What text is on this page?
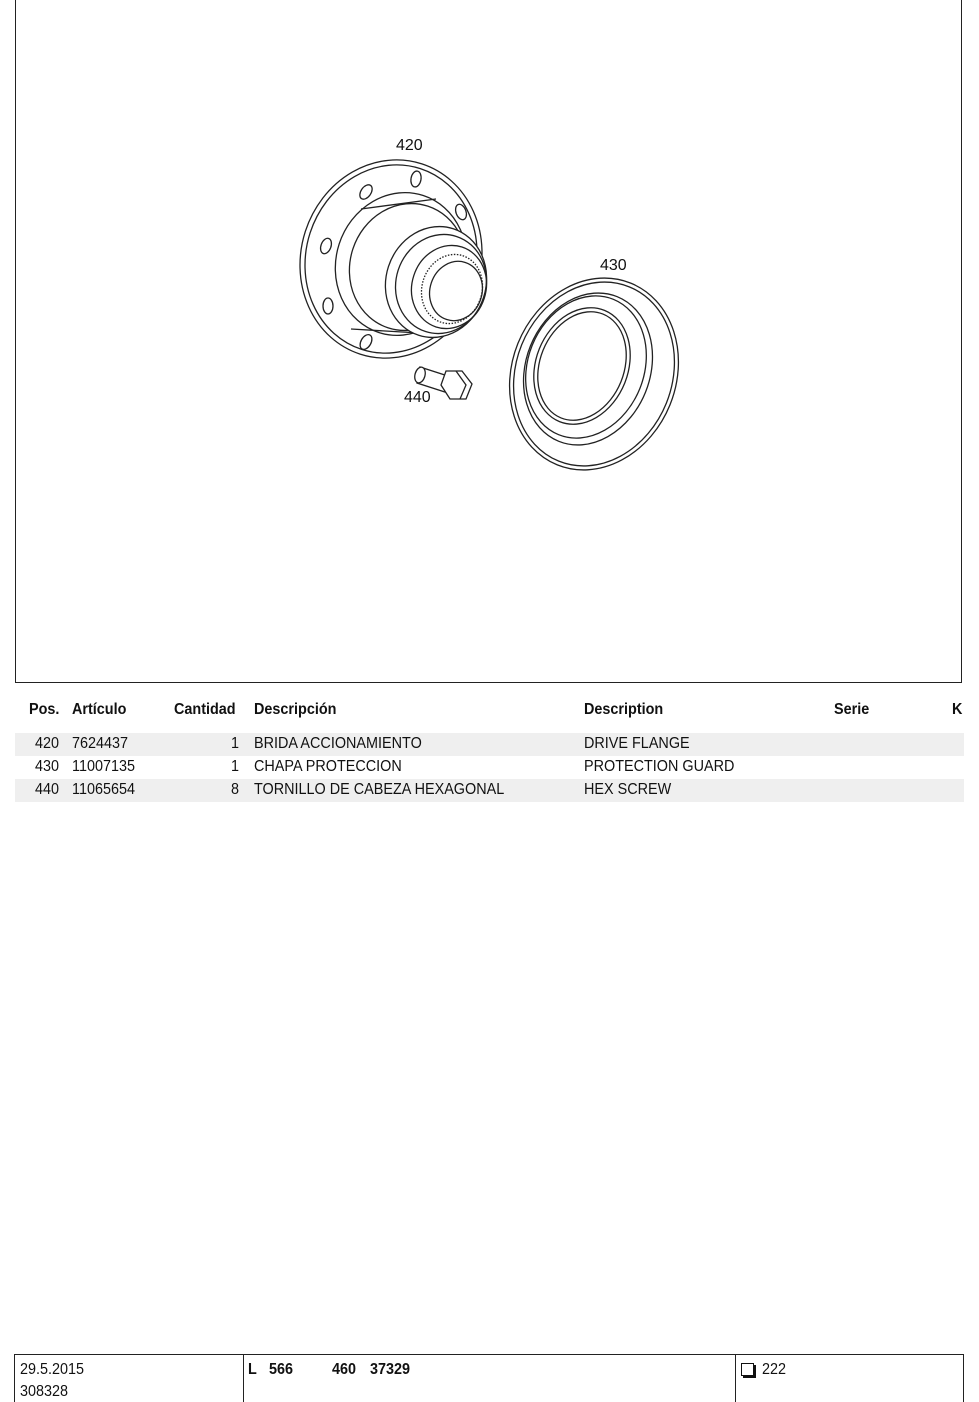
420
430
440
Pos. Artículo	Cantidad Descripción	Description	Serie	K
420 7624437	1 BRIDA ACCIONAMIENTO	DRIVE FLANGE
430 11007135	1 CHAPA PROTECCION	PROTECTION GUARD
440 11065654	8 TORNILLO DE CABEZA HEXAGONAL	HEX SCREW
29.5.2015
308328
L 566 460 37329	222
